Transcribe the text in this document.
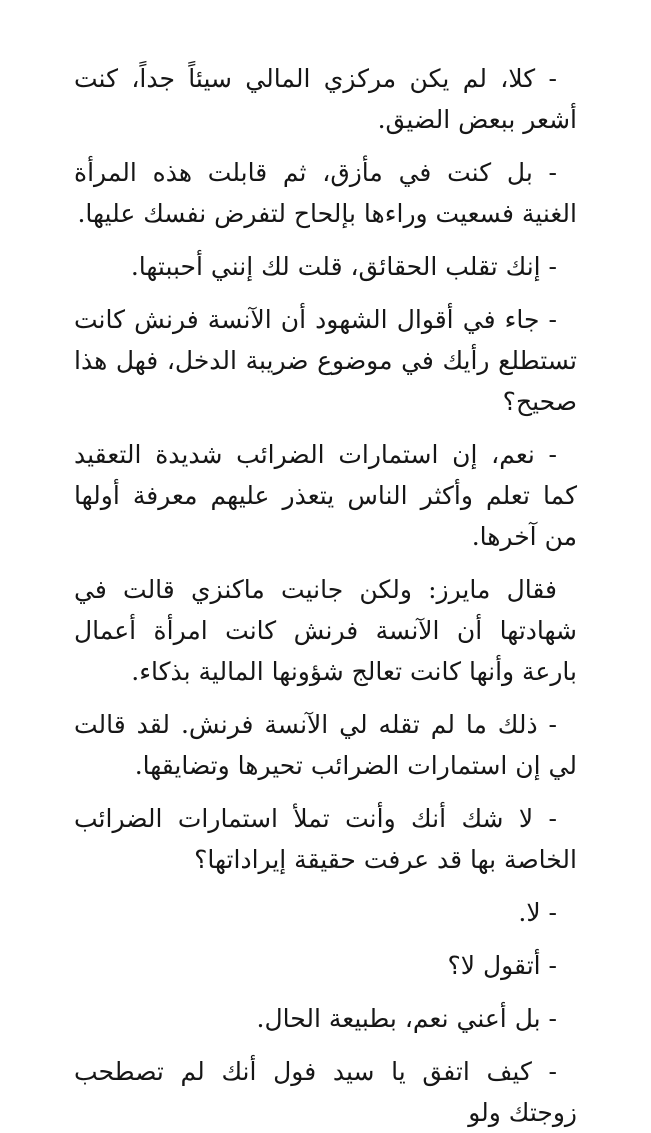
- كلا، لم يكن مركزي المالي سيئاً جداً، كنت أشعر ببعض الضيق.

- بل كنت في مأزق، ثم قابلت هذه المرأة الغنية فسعيت وراءها بإلحاح لتفرض نفسك عليها.

- إنك تقلب الحقائق، قلت لك إنني أحببتها.

- جاء في أقوال الشهود أن الآنسة فرنش كانت تستطلع رأيك في موضوع ضريبة الدخل، فهل هذا صحيح؟

- نعم، إن استمارات الضرائب شديدة التعقيد كما تعلم وأكثر الناس يتعذر عليهم معرفة أولها من آخرها.

فقال مايرز: ولكن جانيت ماكنزي قالت في شهادتها أن الآنسة فرنش كانت امرأة أعمال بارعة وأنها كانت تعالج شؤونها المالية بذكاء.

- ذلك ما لم تقله لي الآنسة فرنش. لقد قالت لي إن استمارات الضرائب تحيرها وتضايقها.

- لا شك أنك وأنت تملأ استمارات الضرائب الخاصة بها قد عرفت حقيقة إيراداتها؟

- لا.

- أتقول لا؟

- بل أعني نعم، بطبيعة الحال.

- كيف اتفق يا سيد فول أنك لم تصطحب زوجتك ولو
